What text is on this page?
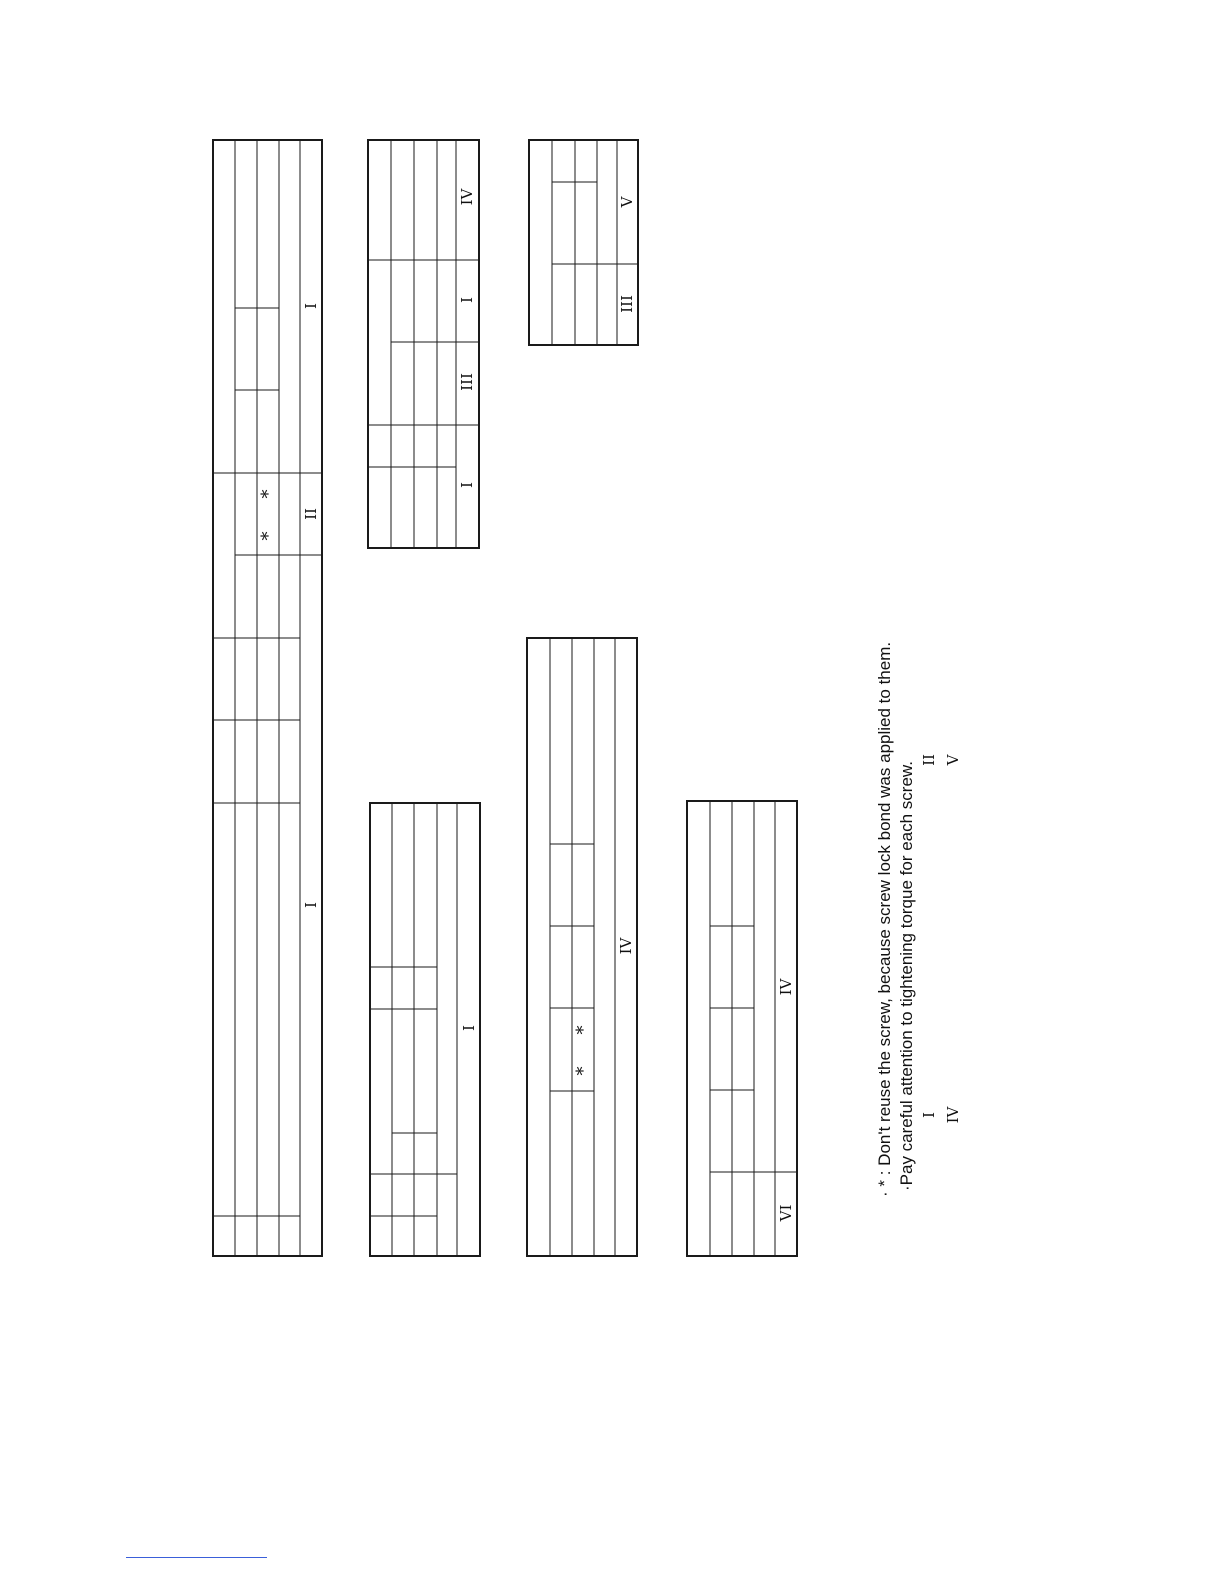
I
II
I
*
*
IV
I
III
I
V
III
I
IV
*
*
IV
VI
· * : Don't reuse the screw, because screw lock bond was applied to them. ·Pay careful attention to tightening torque for each screw. I IV
II V
